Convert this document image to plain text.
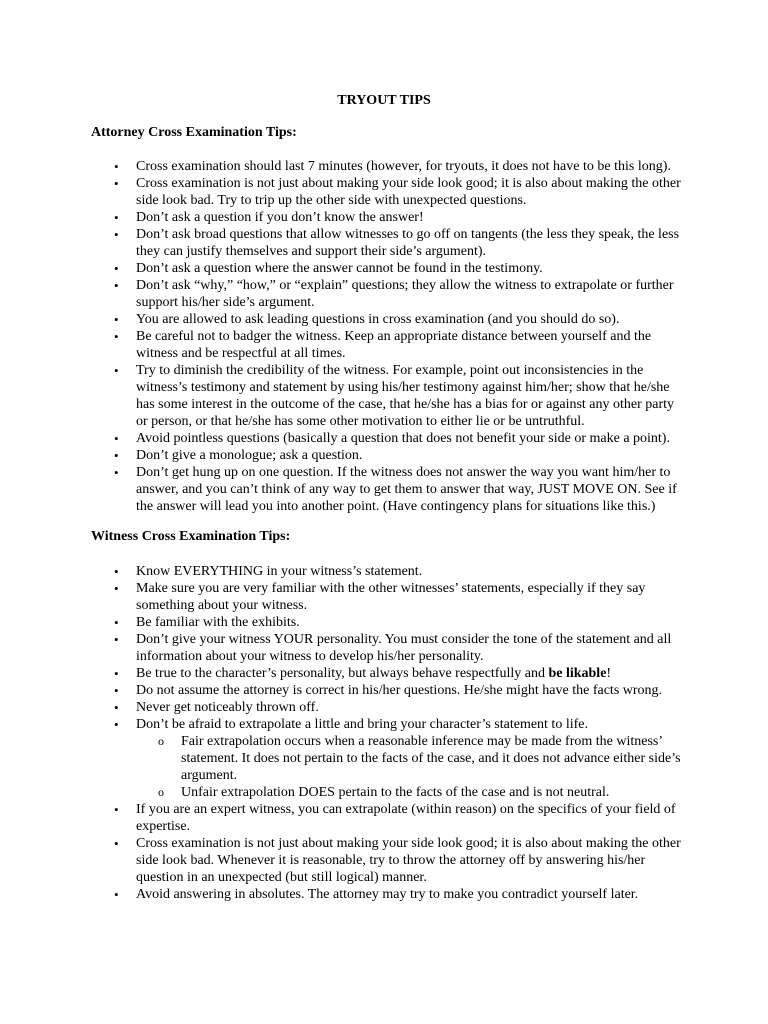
TRYOUT TIPS
Attorney Cross Examination Tips:
• Cross examination should last 7 minutes (however, for tryouts, it does not have to be this long).
• Cross examination is not just about making your side look good; it is also about making the other side look bad. Try to trip up the other side with unexpected questions.
• Don’t ask a question if you don’t know the answer!
• Don’t ask broad questions that allow witnesses to go off on tangents (the less they speak, the less they can justify themselves and support their side’s argument).
• Don’t ask a question where the answer cannot be found in the testimony.
• Don’t ask “why,” “how,” or “explain” questions; they allow the witness to extrapolate or further support his/her side’s argument.
• You are allowed to ask leading questions in cross examination (and you should do so).
• Be careful not to badger the witness. Keep an appropriate distance between yourself and the witness and be respectful at all times.
• Try to diminish the credibility of the witness. For example, point out inconsistencies in the witness’s testimony and statement by using his/her testimony against him/her; show that he/she has some interest in the outcome of the case, that he/she has a bias for or against any other party or person, or that he/she has some other motivation to either lie or be untruthful.
• Avoid pointless questions (basically a question that does not benefit your side or make a point).
• Don’t give a monologue; ask a question.
• Don’t get hung up on one question. If the witness does not answer the way you want him/her to answer, and you can’t think of any way to get them to answer that way, JUST MOVE ON. See if the answer will lead you into another point. (Have contingency plans for situations like this.)
Witness Cross Examination Tips:
• Know EVERYTHING in your witness’s statement.
• Make sure you are very familiar with the other witnesses’ statements, especially if they say something about your witness.
• Be familiar with the exhibits.
• Don’t give your witness YOUR personality. You must consider the tone of the statement and all information about your witness to develop his/her personality.
• Be true to the character’s personality, but always behave respectfully and be likable!
• Do not assume the attorney is correct in his/her questions. He/she might have the facts wrong.
• Never get noticeably thrown off.
• Don’t be afraid to extrapolate a little and bring your character’s statement to life.
o Fair extrapolation occurs when a reasonable inference may be made from the witness’ statement. It does not pertain to the facts of the case, and it does not advance either side’s argument.
o Unfair extrapolation DOES pertain to the facts of the case and is not neutral.
• If you are an expert witness, you can extrapolate (within reason) on the specifics of your field of expertise.
• Cross examination is not just about making your side look good; it is also about making the other side look bad. Whenever it is reasonable, try to throw the attorney off by answering his/her question in an unexpected (but still logical) manner.
• Avoid answering in absolutes. The attorney may try to make you contradict yourself later.
